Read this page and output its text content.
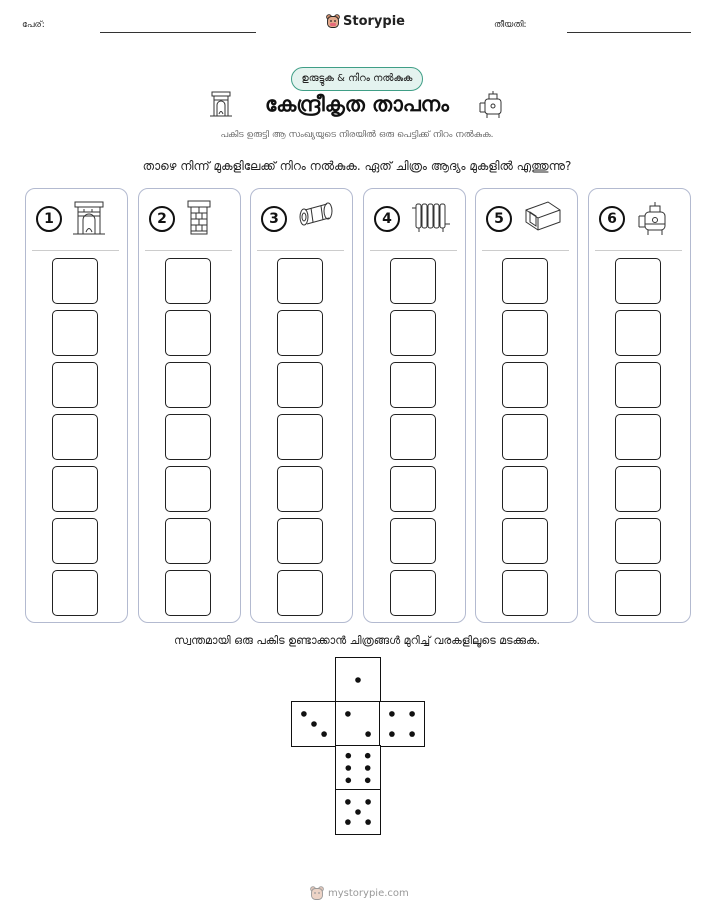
പേര്:	Storypie	തീയതി:
ഉരുട്ടുക & നിറം നൽകുക
കേന്ദ്രീകൃത താപനം
പകിട ഉരുട്ടി ആ സംഖ്യയുടെ നിരയിൽ ഒരു പെട്ടിക്ക് നിറം നൽകുക.
താഴെ നിന്ന് മുകളിലേക്ക് നിറം നൽകുക. ഏത് ചിത്രം ആദ്യം മുകളിൽ എത്തുന്നു?
1	2	3	4	5	6
സ്വന്തമായി ഒരു പകിട ഉണ്ടാക്കാൻ ചിത്രങ്ങൾ മുറിച്ച് വരകളിലൂടെ മടക്കുക.
mystorypie.com
